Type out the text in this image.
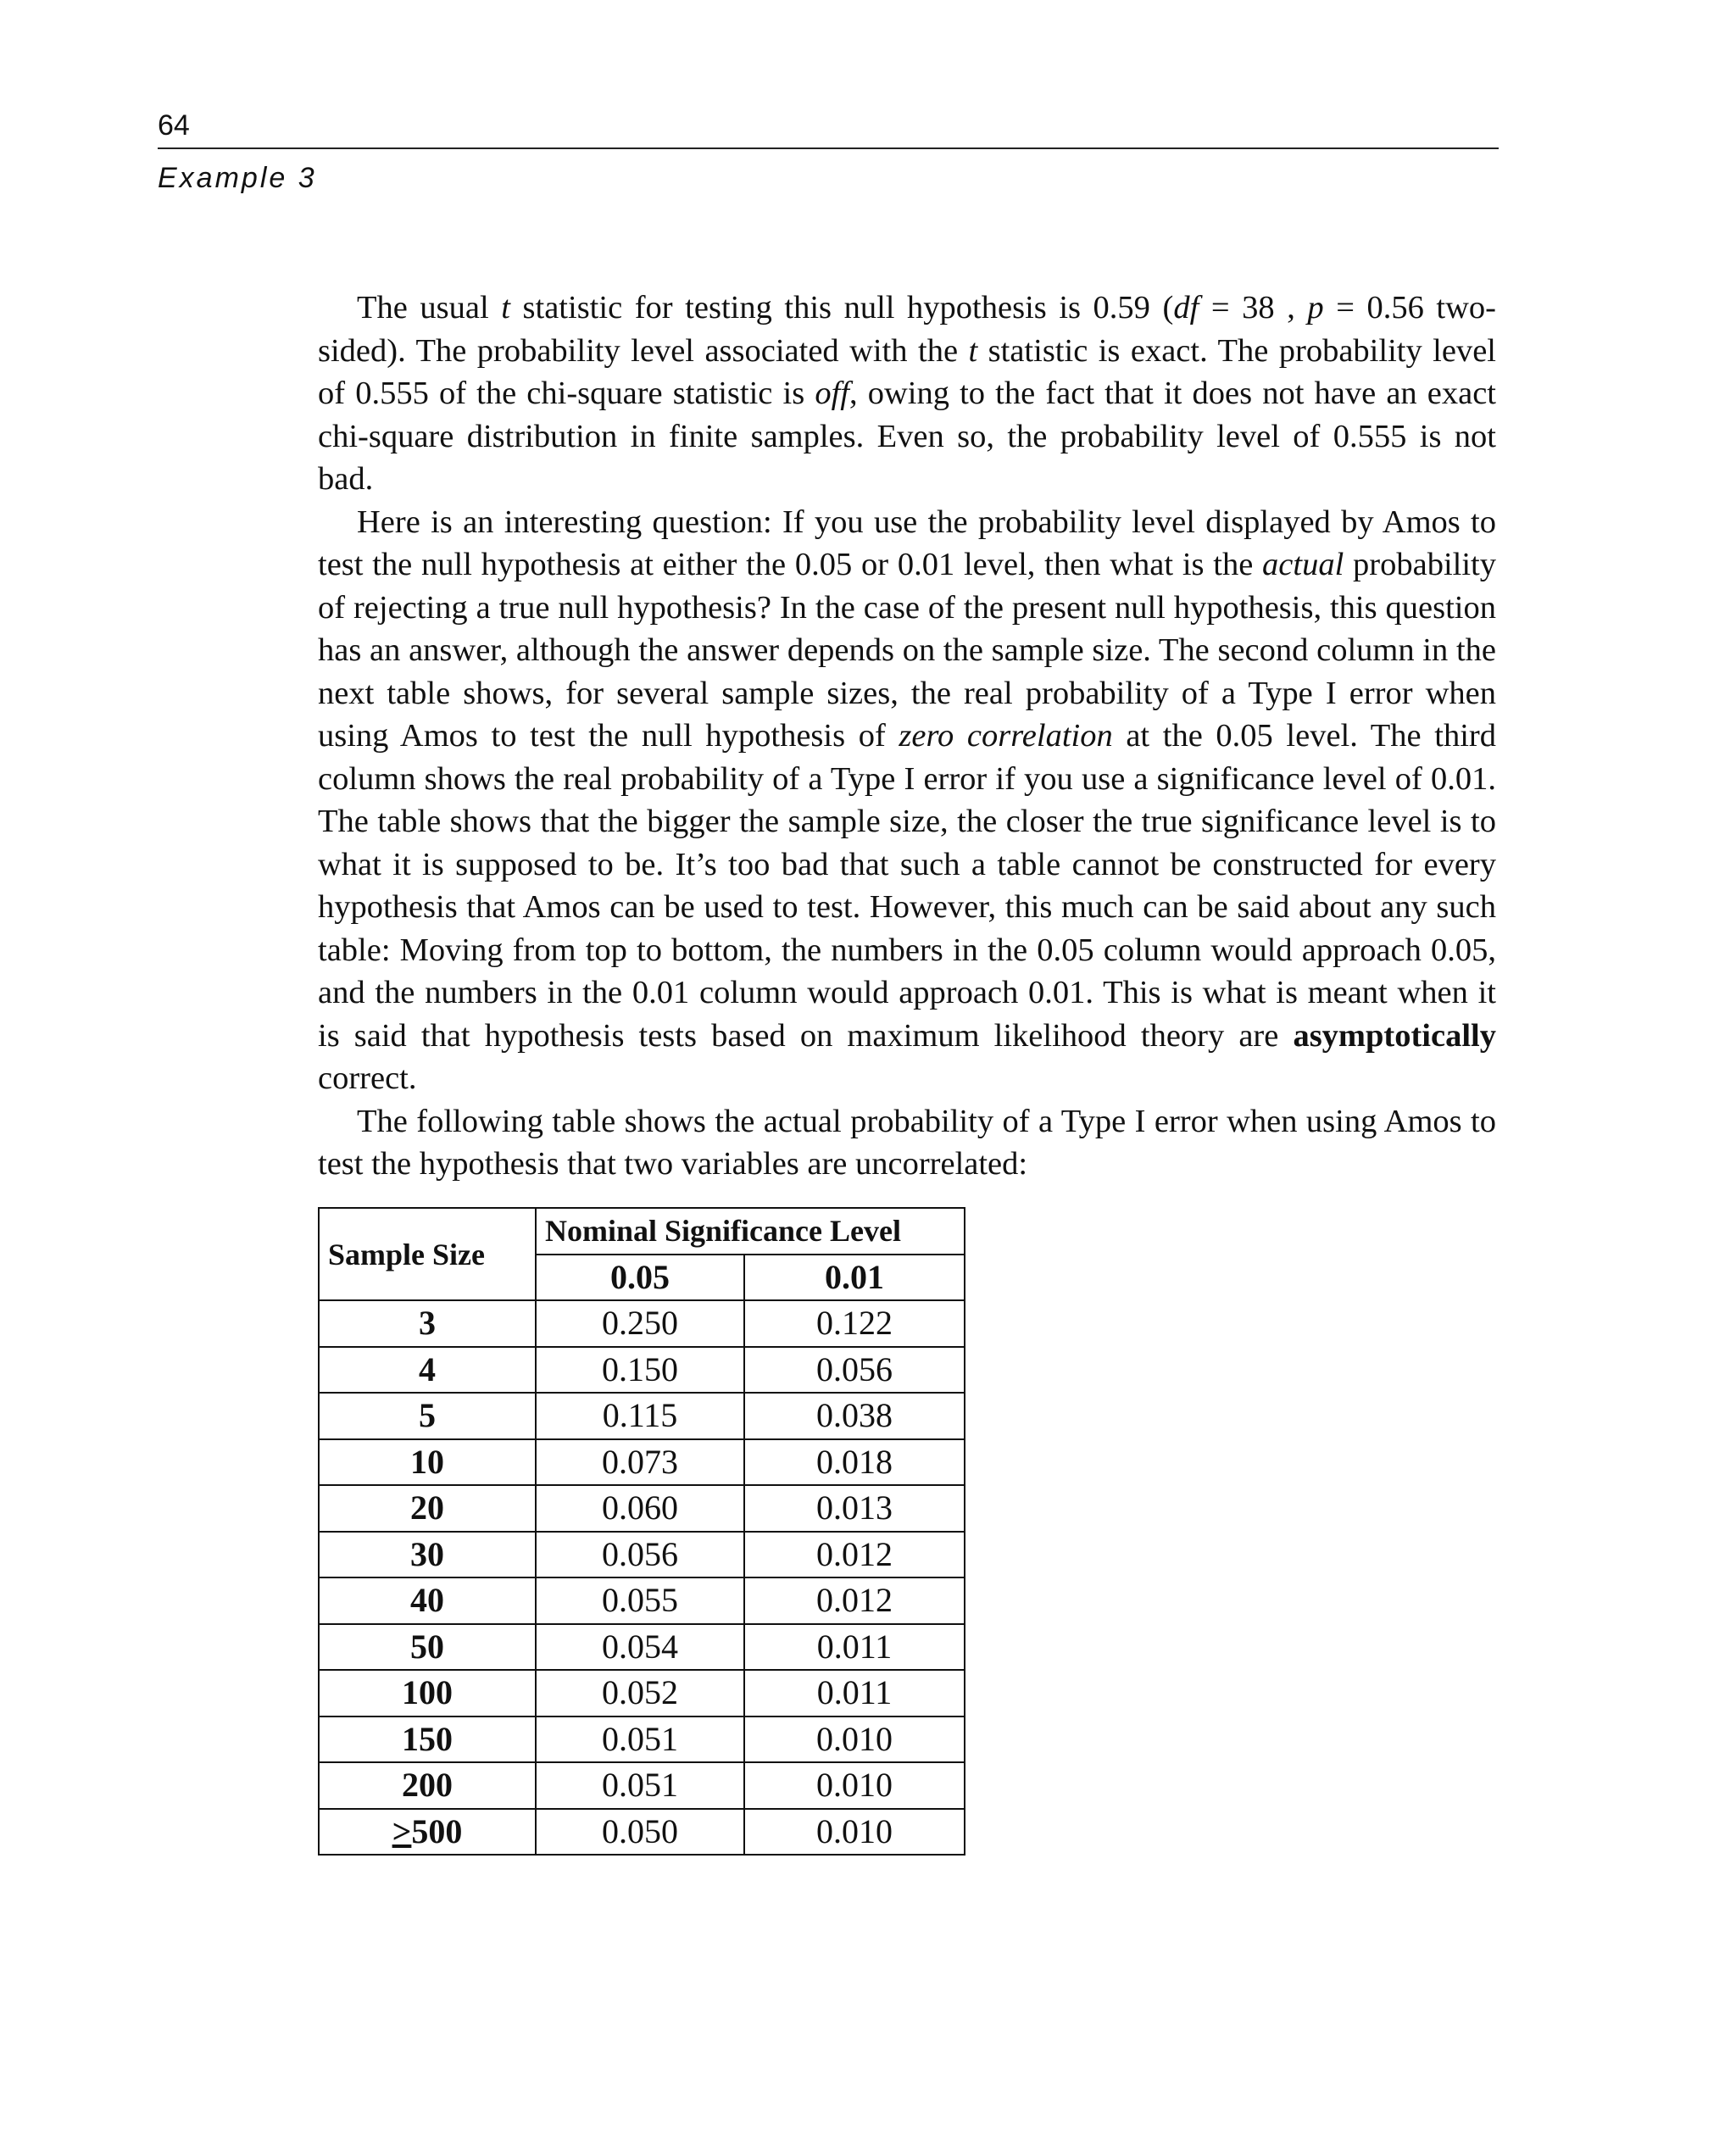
64
Example 3

The usual t statistic for testing this null hypothesis is 0.59 (df = 38 , p = 0.56 two-sided). The probability level associated with the t statistic is exact. The probability level of 0.555 of the chi-square statistic is off, owing to the fact that it does not have an exact chi-square distribution in finite samples. Even so, the probability level of 0.555 is not bad.

Here is an interesting question: If you use the probability level displayed by Amos to test the null hypothesis at either the 0.05 or 0.01 level, then what is the actual probability of rejecting a true null hypothesis? In the case of the present null hypothesis, this question has an answer, although the answer depends on the sample size. The second column in the next table shows, for several sample sizes, the real probability of a Type I error when using Amos to test the null hypothesis of zero correlation at the 0.05 level. The third column shows the real probability of a Type I error if you use a significance level of 0.01. The table shows that the bigger the sample size, the closer the true significance level is to what it is supposed to be. It’s too bad that such a table cannot be constructed for every hypothesis that Amos can be used to test. However, this much can be said about any such table: Moving from top to bottom, the numbers in the 0.05 column would approach 0.05, and the numbers in the 0.01 column would approach 0.01. This is what is meant when it is said that hypothesis tests based on maximum likelihood theory are asymptotically correct.

The following table shows the actual probability of a Type I error when using Amos to test the hypothesis that two variables are uncorrelated:

Sample Size	Nominal Significance Level	
	0.05	0.01
3	0.250	0.122
4	0.150	0.056
5	0.115	0.038
10	0.073	0.018
20	0.060	0.013
30	0.056	0.012
40	0.055	0.012
50	0.054	0.011
100	0.052	0.011
150	0.051	0.010
200	0.051	0.010
≥500	0.050	0.010
